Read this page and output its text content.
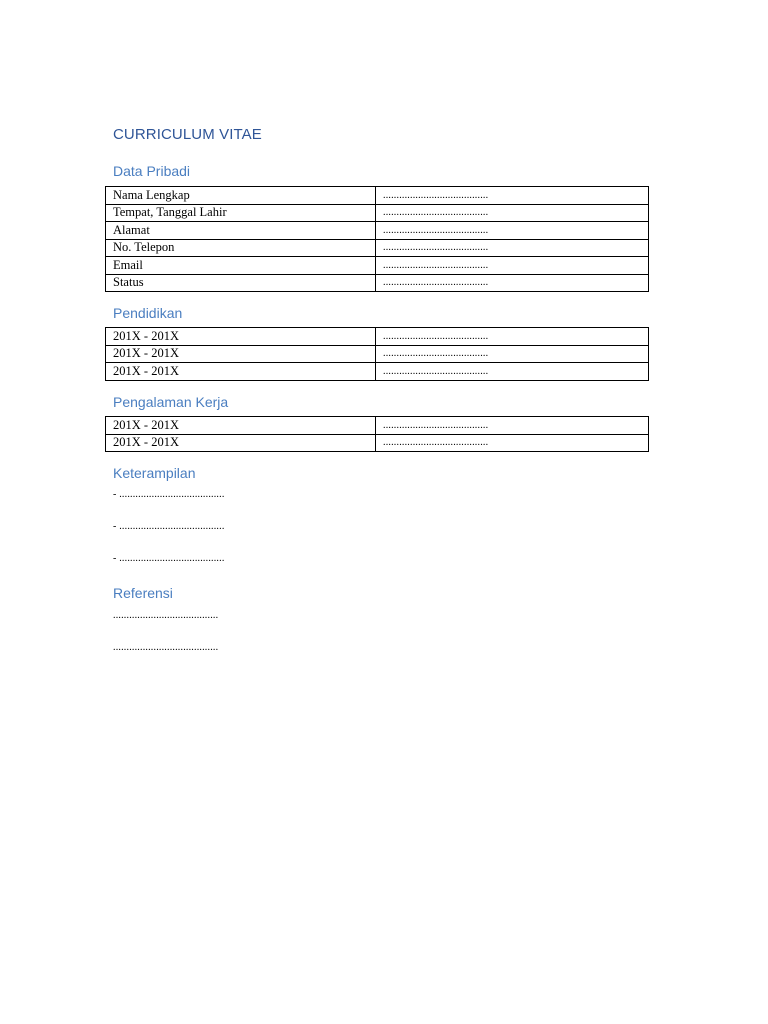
CURRICULUM VITAE
Data Pribadi
Nama Lengkap	.......................................
Tempat, Tanggal Lahir	.......................................
Alamat	.......................................
No. Telepon	.......................................
Email	.......................................
Status	.......................................
Pendidikan
201X - 201X	.......................................
201X - 201X	.......................................
201X - 201X	.......................................
Pengalaman Kerja
201X - 201X	.......................................
201X - 201X	.......................................
Keterampilan
- .......................................
- .......................................
- .......................................
Referensi
.......................................
.......................................
